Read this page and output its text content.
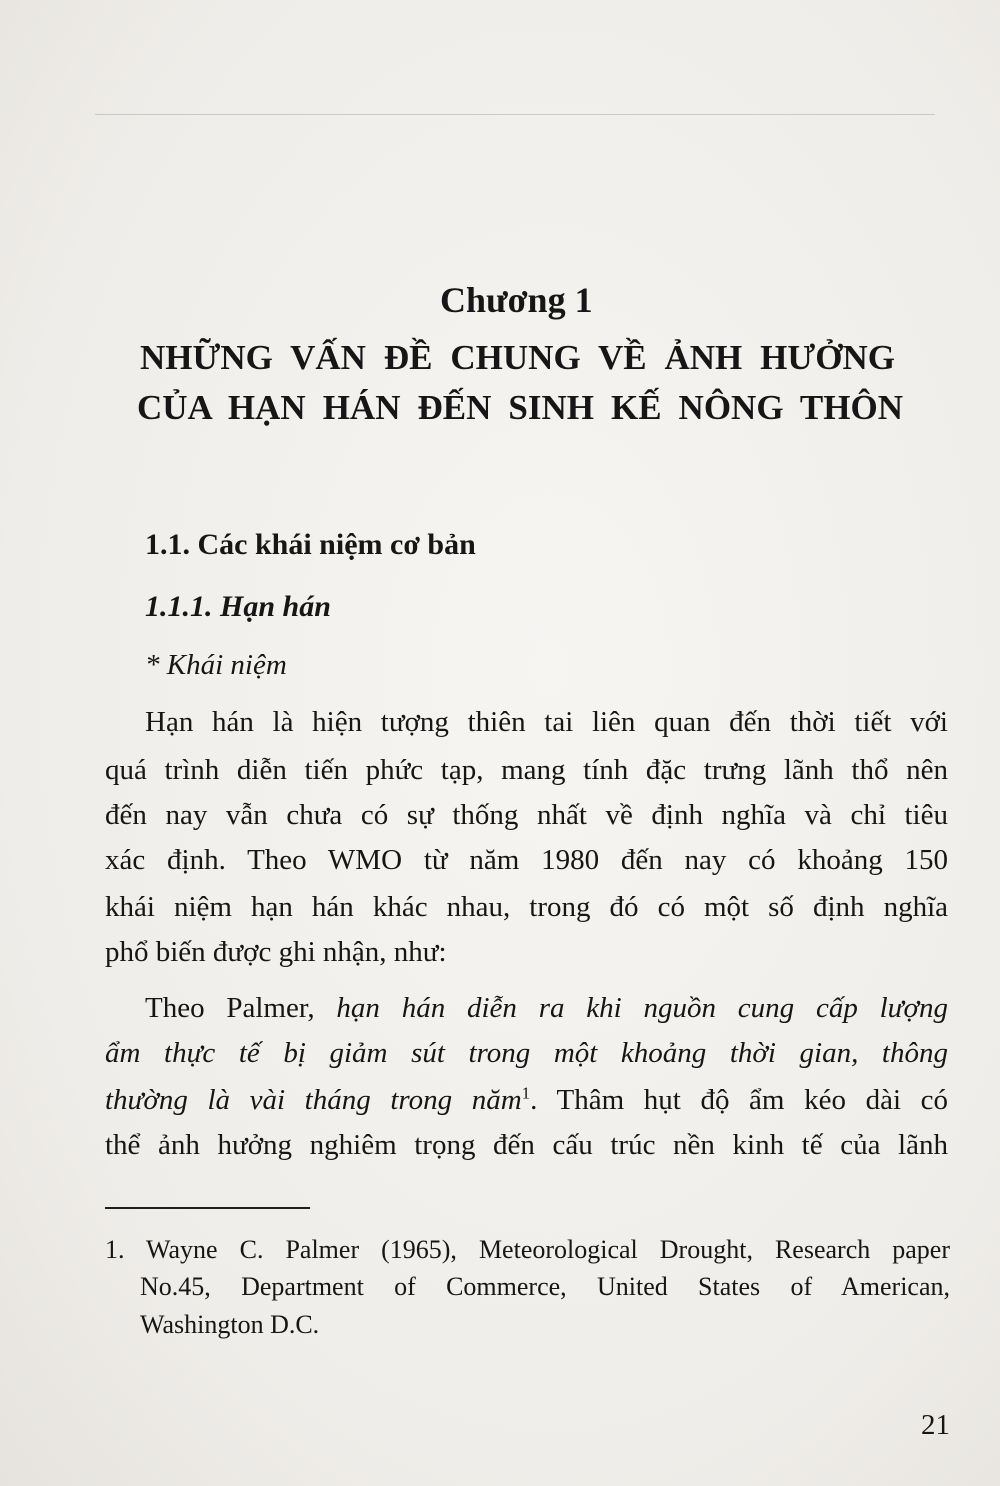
Chương 1
NHỮNG VẤN ĐỀ CHUNG VỀ ẢNH HƯỞNG
CỦA HẠN HÁN ĐẾN SINH KẾ NÔNG THÔN
1.1. Các khái niệm cơ bản
1.1.1. Hạn hán
* Khái niệm
Hạn hán là hiện tượng thiên tai liên quan đến thời tiết với
quá trình diễn tiến phức tạp, mang tính đặc trưng lãnh thổ nên
đến nay vẫn chưa có sự thống nhất về định nghĩa và chỉ tiêu
xác định. Theo WMO từ năm 1980 đến nay có khoảng 150
khái niệm hạn hán khác nhau, trong đó có một số định nghĩa
phổ biến được ghi nhận, như:
Theo Palmer, hạn hán diễn ra khi nguồn cung cấp lượng
ẩm thực tế bị giảm sút trong một khoảng thời gian, thông
thường là vài tháng trong năm$^1$. Thâm hụt độ ẩm kéo dài có
thể ảnh hưởng nghiêm trọng đến cấu trúc nền kinh tế của lãnh
1. Wayne C. Palmer (1965), Meteorological Drought, Research paper
No.45, Department of Commerce, United States of American,
Washington D.C.
21
